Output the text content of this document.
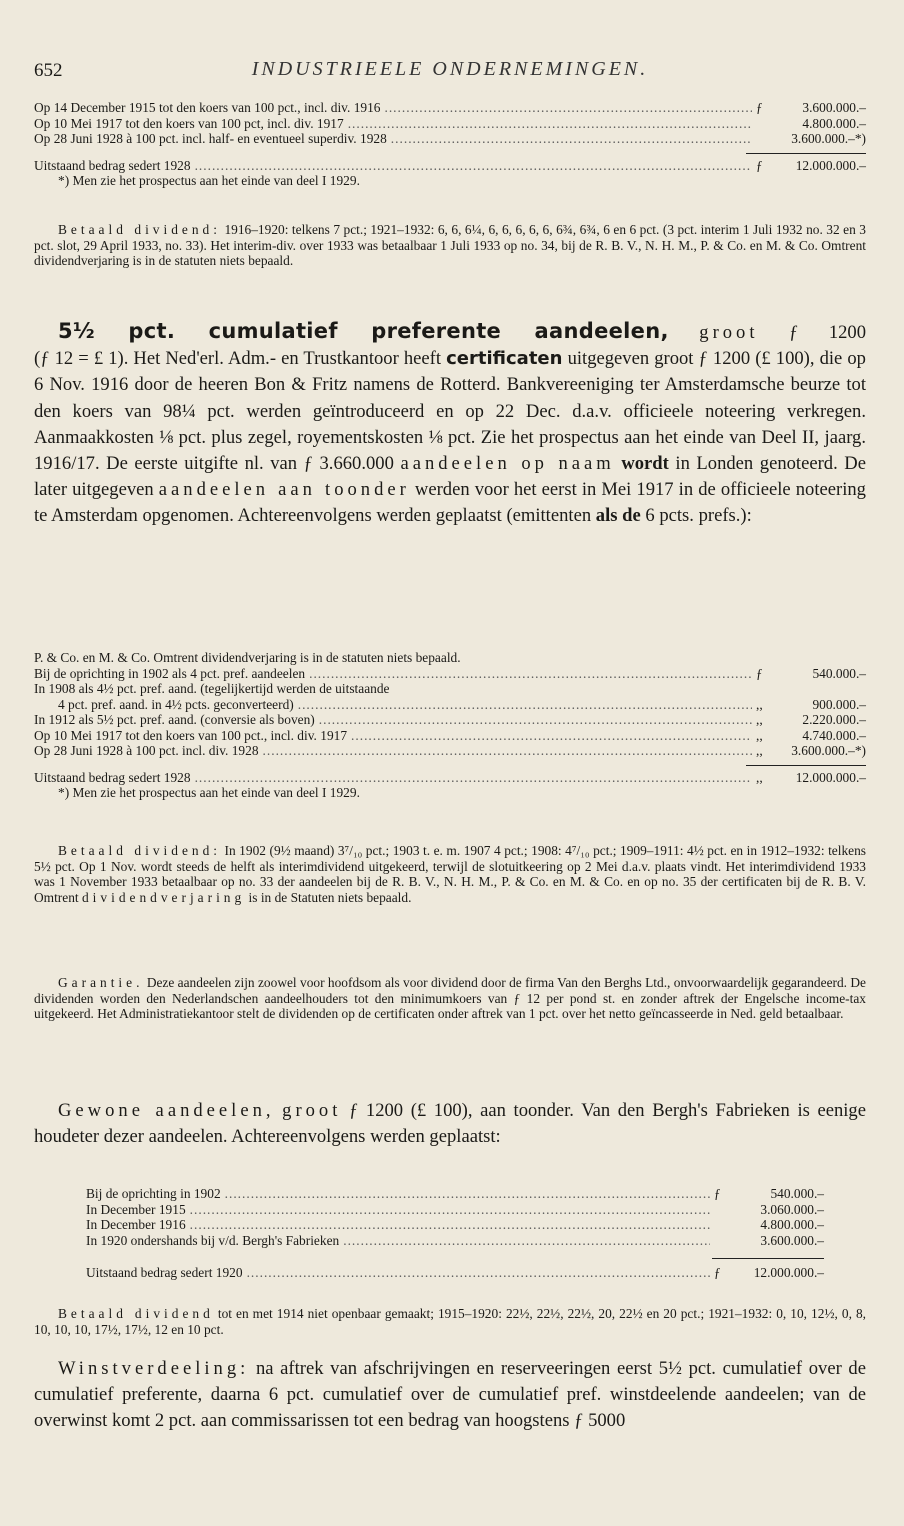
652	INDUSTRIEELE ONDERNEMINGEN.
Op 14 December 1915 tot den koers van 100 pct., incl. div. 1916 .....	ƒ	3.600.000.–
Op 10 Mei 1917 tot den koers van 100 pct, incl. div. 1917 .....	4.800.000.–
Op 28 Juni 1928 à 100 pct. incl. half- en eventueel superdiv. 1928 .....	3.600.000.–*)
Uitstaand bedrag sedert 1928 .....	ƒ	12.000.000.–
*) Men zie het prospectus aan het einde van deel I 1929.
Betaald dividend: 1916–1920: telkens 7 pct.; 1921–1932: 6, 6, 6¼, 6, 6, 6, 6, 6, 6¾, 6¾, 6 en 6 pct. (3 pct. interim 1 Juli 1932 no. 32 en 3 pct. slot, 29 April 1933, no. 33). Het interim-div. over 1933 was betaalbaar 1 Juli 1933 op no. 34, bij de R. B. V., N. H. M., P. & Co. en M. & Co. Omtrent dividendverjaring is in de statuten niets bepaald.

5½ pct. cumulatief preferente aandeelen, groot ƒ 1200

(ƒ 12 = £ 1). Het Ned'erl. Adm.- en Trustkantoor heeft certificaten uitgegeven groot ƒ 1200 (£ 100), die op 6 Nov. 1916 door de heeren Bon & Fritz namens de Rotterd. Bankvereeniging ter Amsterdamsche beurze tot den koers van 98¼ pct. werden geïntroduceerd en op 22 Dec. d.a.v. officieele noteering verkregen. Aanmaakkosten ⅛ pct. plus zegel, royementskosten ⅛ pct. Zie het prospectus aan het einde van Deel II, jaarg. 1916/17. De eerste uitgifte nl. van ƒ 3.660.000 aandeelen op naam wordt in Londen genoteerd. De later uitgegeven aandeelen aan toonder werden voor het eerst in Mei 1917 in de officieele noteering te Amsterdam opgenomen. Achtereenvolgens werden geplaatst (emittenten als de 6 pcts. prefs.):

P. & Co. en M. & Co. Omtrent dividendverjaring is in de statuten niets bepaald.
Bij de oprichting in 1902 als 4 pct. pref. aandeelen .....	ƒ	540.000.–
In 1908 als 4½ pct. pref. aand. (tegelijkertijd werden de uitstaande
4 pct. pref. aand. in 4½ pcts. geconverteerd) .....	,,	900.000.–
In 1912 als 5½ pct. pref. aand. (conversie als boven) .....	,,	2.220.000.–
Op 10 Mei 1917 tot den koers van 100 pct., incl. div. 1917 .....	,,	4.740.000.–
Op 28 Juni 1928 à 100 pct. incl. div. 1928 .....	,,	3.600.000.–*)
Uitstaand bedrag sedert 1928 .....	,,	12.000.000.–
*) Men zie het prospectus aan het einde van deel I 1929.
Betaald dividend: In 1902 (9½ maand) 3⁷/₁₀ pct.; 1903 t. e. m. 1907 4 pct.; 1908: 4⁷/₁₀ pct.; 1909–1911: 4½ pct. en in 1912–1932: telkens 5½ pct. Op 1 Nov. wordt steeds de helft als interimdividend uitgekeerd, terwijl de slotuitkeering op 2 Mei d.a.v. plaats vindt. Het interimdividend 1933 was 1 November 1933 betaalbaar op no. 33 der aandeelen bij de R. B. V., N. H. M., P. & Co. en M. & Co. en op no. 35 der certificaten bij de R. B. V. Omtrent dividendverjaring is in de Statuten niets bepaald.
Garantie. Deze aandeelen zijn zoowel voor hoofdsom als voor dividend door de firma Van den Berghs Ltd., onvoorwaardelijk gegarandeerd. De dividenden worden den Nederlandschen aandeelhouders tot den minimumkoers van ƒ 12 per pond st. en zonder aftrek der Engelsche income-tax uitgekeerd. Het Administratiekantoor stelt de dividenden op de certificaten onder aftrek van 1 pct. over het netto geïncasseerde in Ned. geld betaalbaar.

Gewone aandeelen, groot ƒ 1200 (£ 100), aan toonder. Van den Bergh's Fabrieken is eenige houdeter dezer aandeelen. Achtereenvolgens werden geplaatst:

Bij de oprichting in 1902 .....	ƒ	540.000.–
In December 1915 .....	3.060.000.–
In December 1916 .....	4.800.000.–
In 1920 ondershands bij v/d. Bergh's Fabrieken .....	3.600.000.–
Uitstaand bedrag sedert 1920 .....	ƒ	12.000.000.–
Betaald dividend tot en met 1914 niet openbaar gemaakt; 1915–1920: 22½, 22½, 22½, 20, 22½ en 20 pct.; 1921–1932: 0, 10, 12½, 0, 8, 10, 10, 10, 17½, 17½, 12 en 10 pct.

Winstverdeeling: na aftrek van afschrijvingen en reserveeringen eerst 5½ pct. cumulatief over de cumulatief preferente, daarna 6 pct. cumulatief over de cumulatief pref. winstdeelende aandeelen; van de overwinst komt 2 pct. aan commissarissen tot een bedrag van hoogstens ƒ 5000
